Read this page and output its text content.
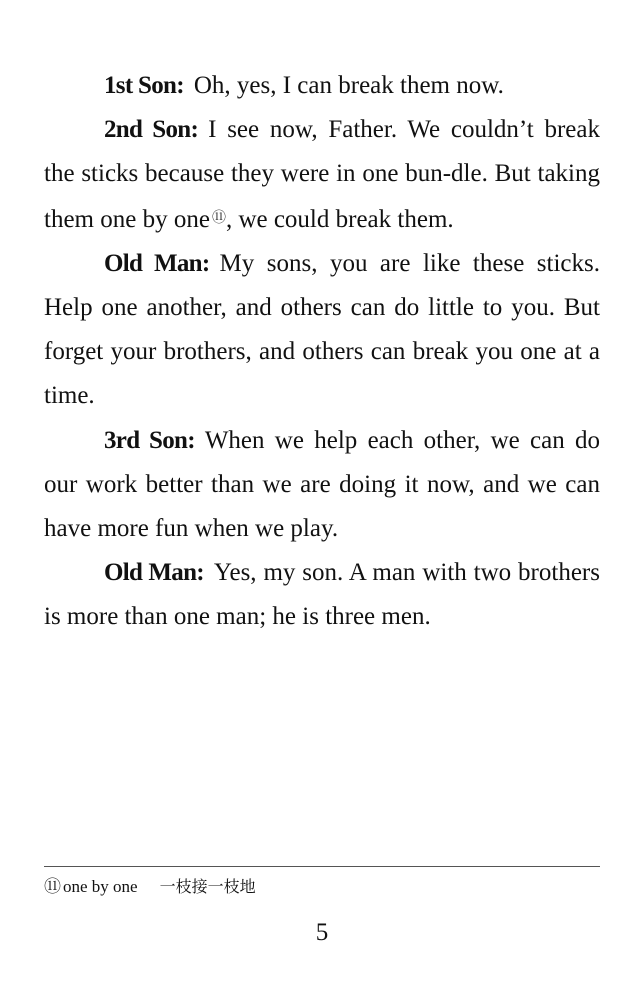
1st Son: Oh, yes, I can break them now.

2nd Son: I see now, Father. We couldn’t break the sticks because they were in one bun-dle. But taking them one by one ⑪, we could break them.

Old Man: My sons, you are like these sticks. Help one another, and others can do little to you. But forget your brothers, and others can break you one at a time.

3rd Son: When we help each other, we can do our work better than we are doing it now, and we can have more fun when we play.

Old Man: Yes, my son. A man with two brothers is more than one man; he is three men.

⑪ one by one 一枝接一枝地
5
